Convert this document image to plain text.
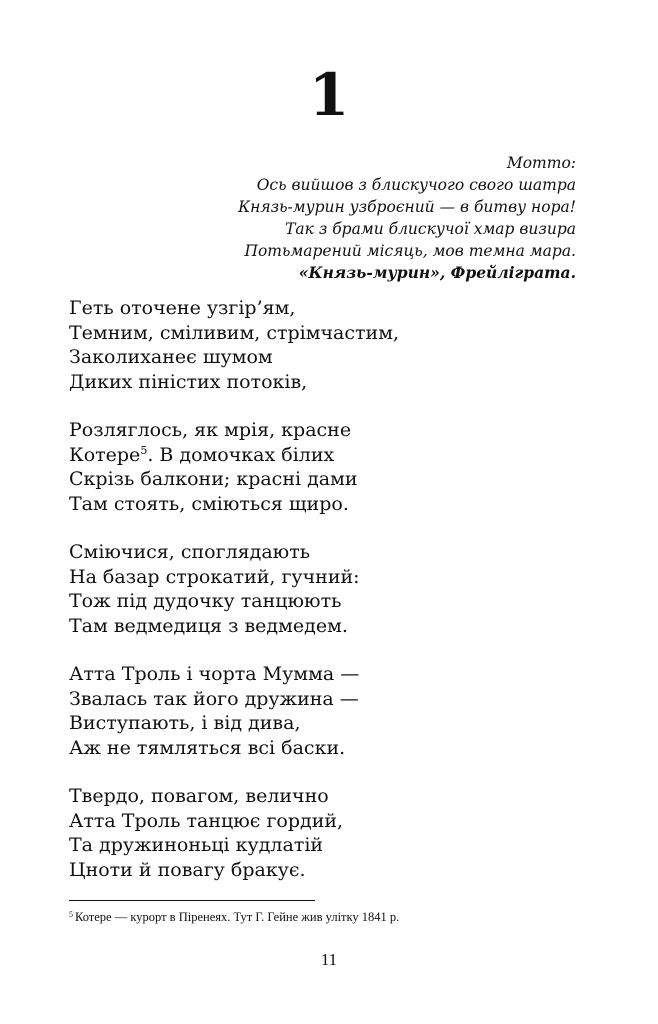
1
Мотто:
Ось вийшов з блискучого свого шатра
Князь-мурин узброєний — в битву нора!
Так з брами блискучої хмар визира
Потьмарений місяць, мов темна мара.
«Князь-мурин», Фрейліграта.
Геть оточене узгір’ям,
Темним, сміливим, стрімчастим,
Заколиханеє шумом
Диких піністих потоків,
Розляглось, як мрія, красне
Котере$^5$. В домочках білих
Скрізь балкони; красні дами
Там стоять, сміються щиро.
Сміючися, споглядають
На базар строкатий, гучний:
Тож під дудочку танцюють
Там ведмедиця з ведмедем.
Атта Троль і чорта Мумма —
Звалась так його дружина —
Виступають, і від дива,
Аж не тямляться всі баски.
Твердо, повагом, велично
Атта Троль танцює гордий,
Та дружиноньці кудлатій
Цноти й повагу бракує.
$^5$ Котере — курорт в Піренеях. Тут Г. Гейне жив улітку 1841 р.
11
